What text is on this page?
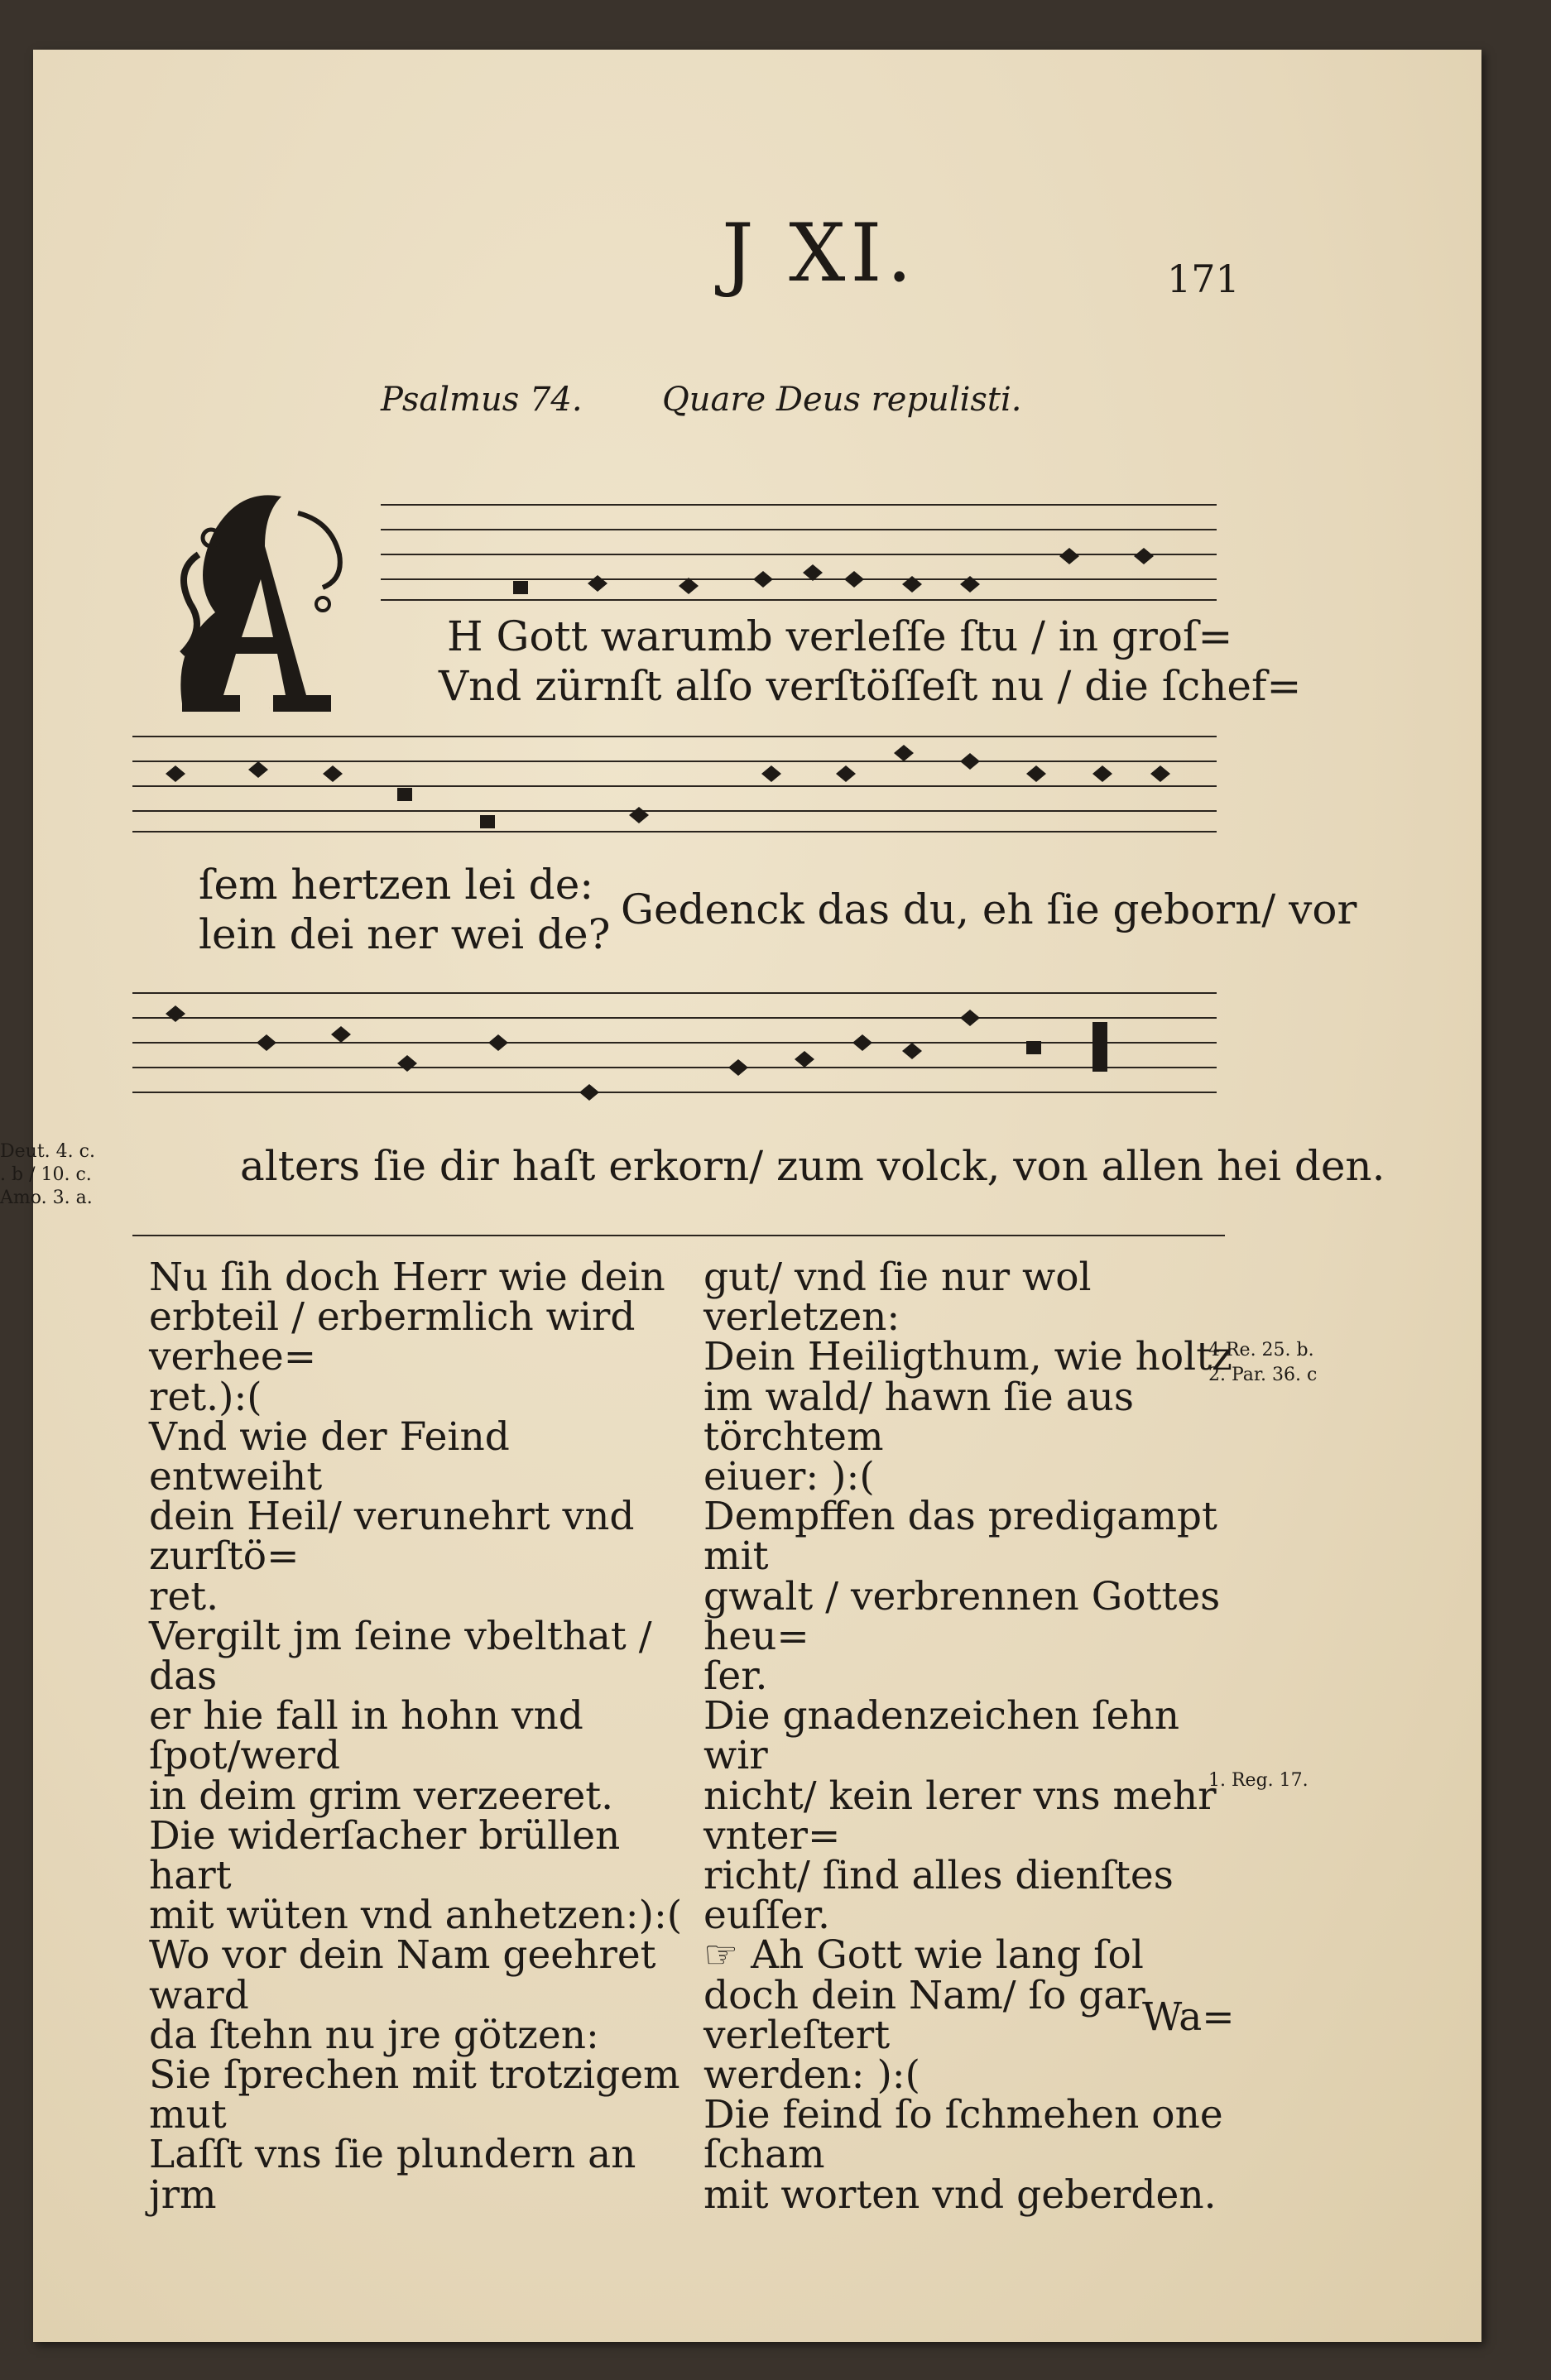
J XI.	171
Psalmus 74. Quare Deus repulisti.
A
H Gott warumb verleſſe ſtu / in groſ=
Vnd zürnſt alſo verſtöſſeſt nu / die ſchef=
ſem hertzen lei de:
lein dei ner wei de?
Gedenck das du, eh ſie geborn/ vor
alters ſie dir haſt erkorn/ zum volck, von allen hei den.
Deut. 4. c.
. b / 10. c.
Amo. 3. a.
4 Re. 25. b.
2. Par. 36. c
1. Reg. 17.

Nu ſih doch Herr wie dein

erbteil / erbermlich wird verhee=

ret.):(

Vnd wie der Feind entweiht

dein Heil/ verunehrt vnd zurſtö=

ret.

Vergilt jm ſeine vbelthat / das

er hie fall in hohn vnd ſpot/werd

in deim grim verzeeret.

Die widerſacher brüllen hart

mit wüten vnd anhetzen:):(

Wo vor dein Nam geehret ward

da ſtehn nu jre götzen:

Sie ſprechen mit trotzigem mut

Laſſt vns ſie plundern an jrm

gut/ vnd ſie nur wol verletzen:

Dein Heiligthum, wie holtz

im wald/ hawn ſie aus törchtem

eiuer: ):(

Dempffen das predigampt mit

gwalt / verbrennen Gottes heu=

ſer.

Die gnadenzeichen ſehn wir

nicht/ kein lerer vns mehr vnter=

richt/ ſind alles dienſtes euſſer.

☞ Ah Gott wie lang ſol

doch dein Nam/ ſo gar verleſtert

werden: ):(

Die feind ſo ſchmehen one ſcham

mit worten vnd geberden.

Wa=
